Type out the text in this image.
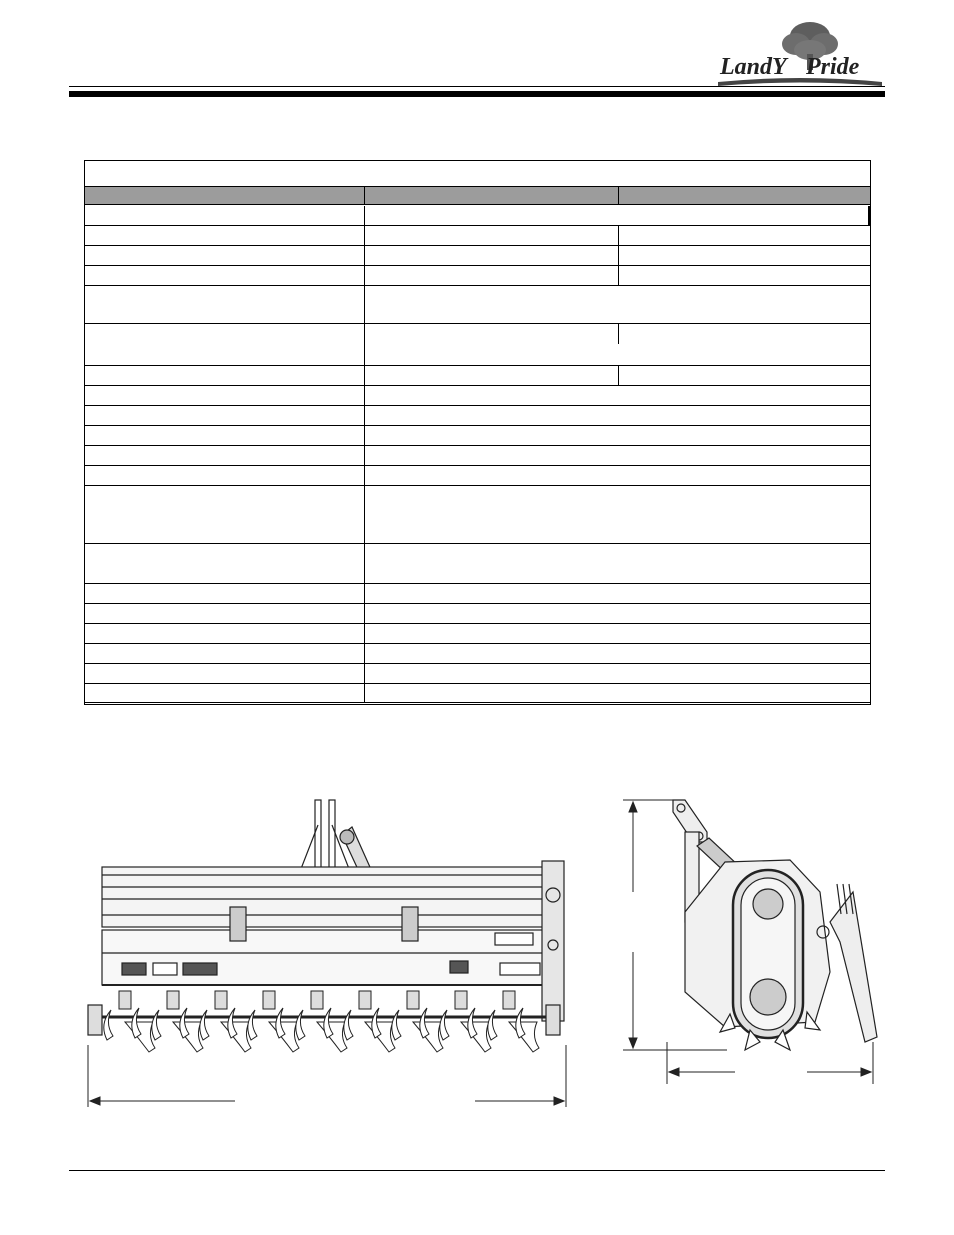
LandY Pride
